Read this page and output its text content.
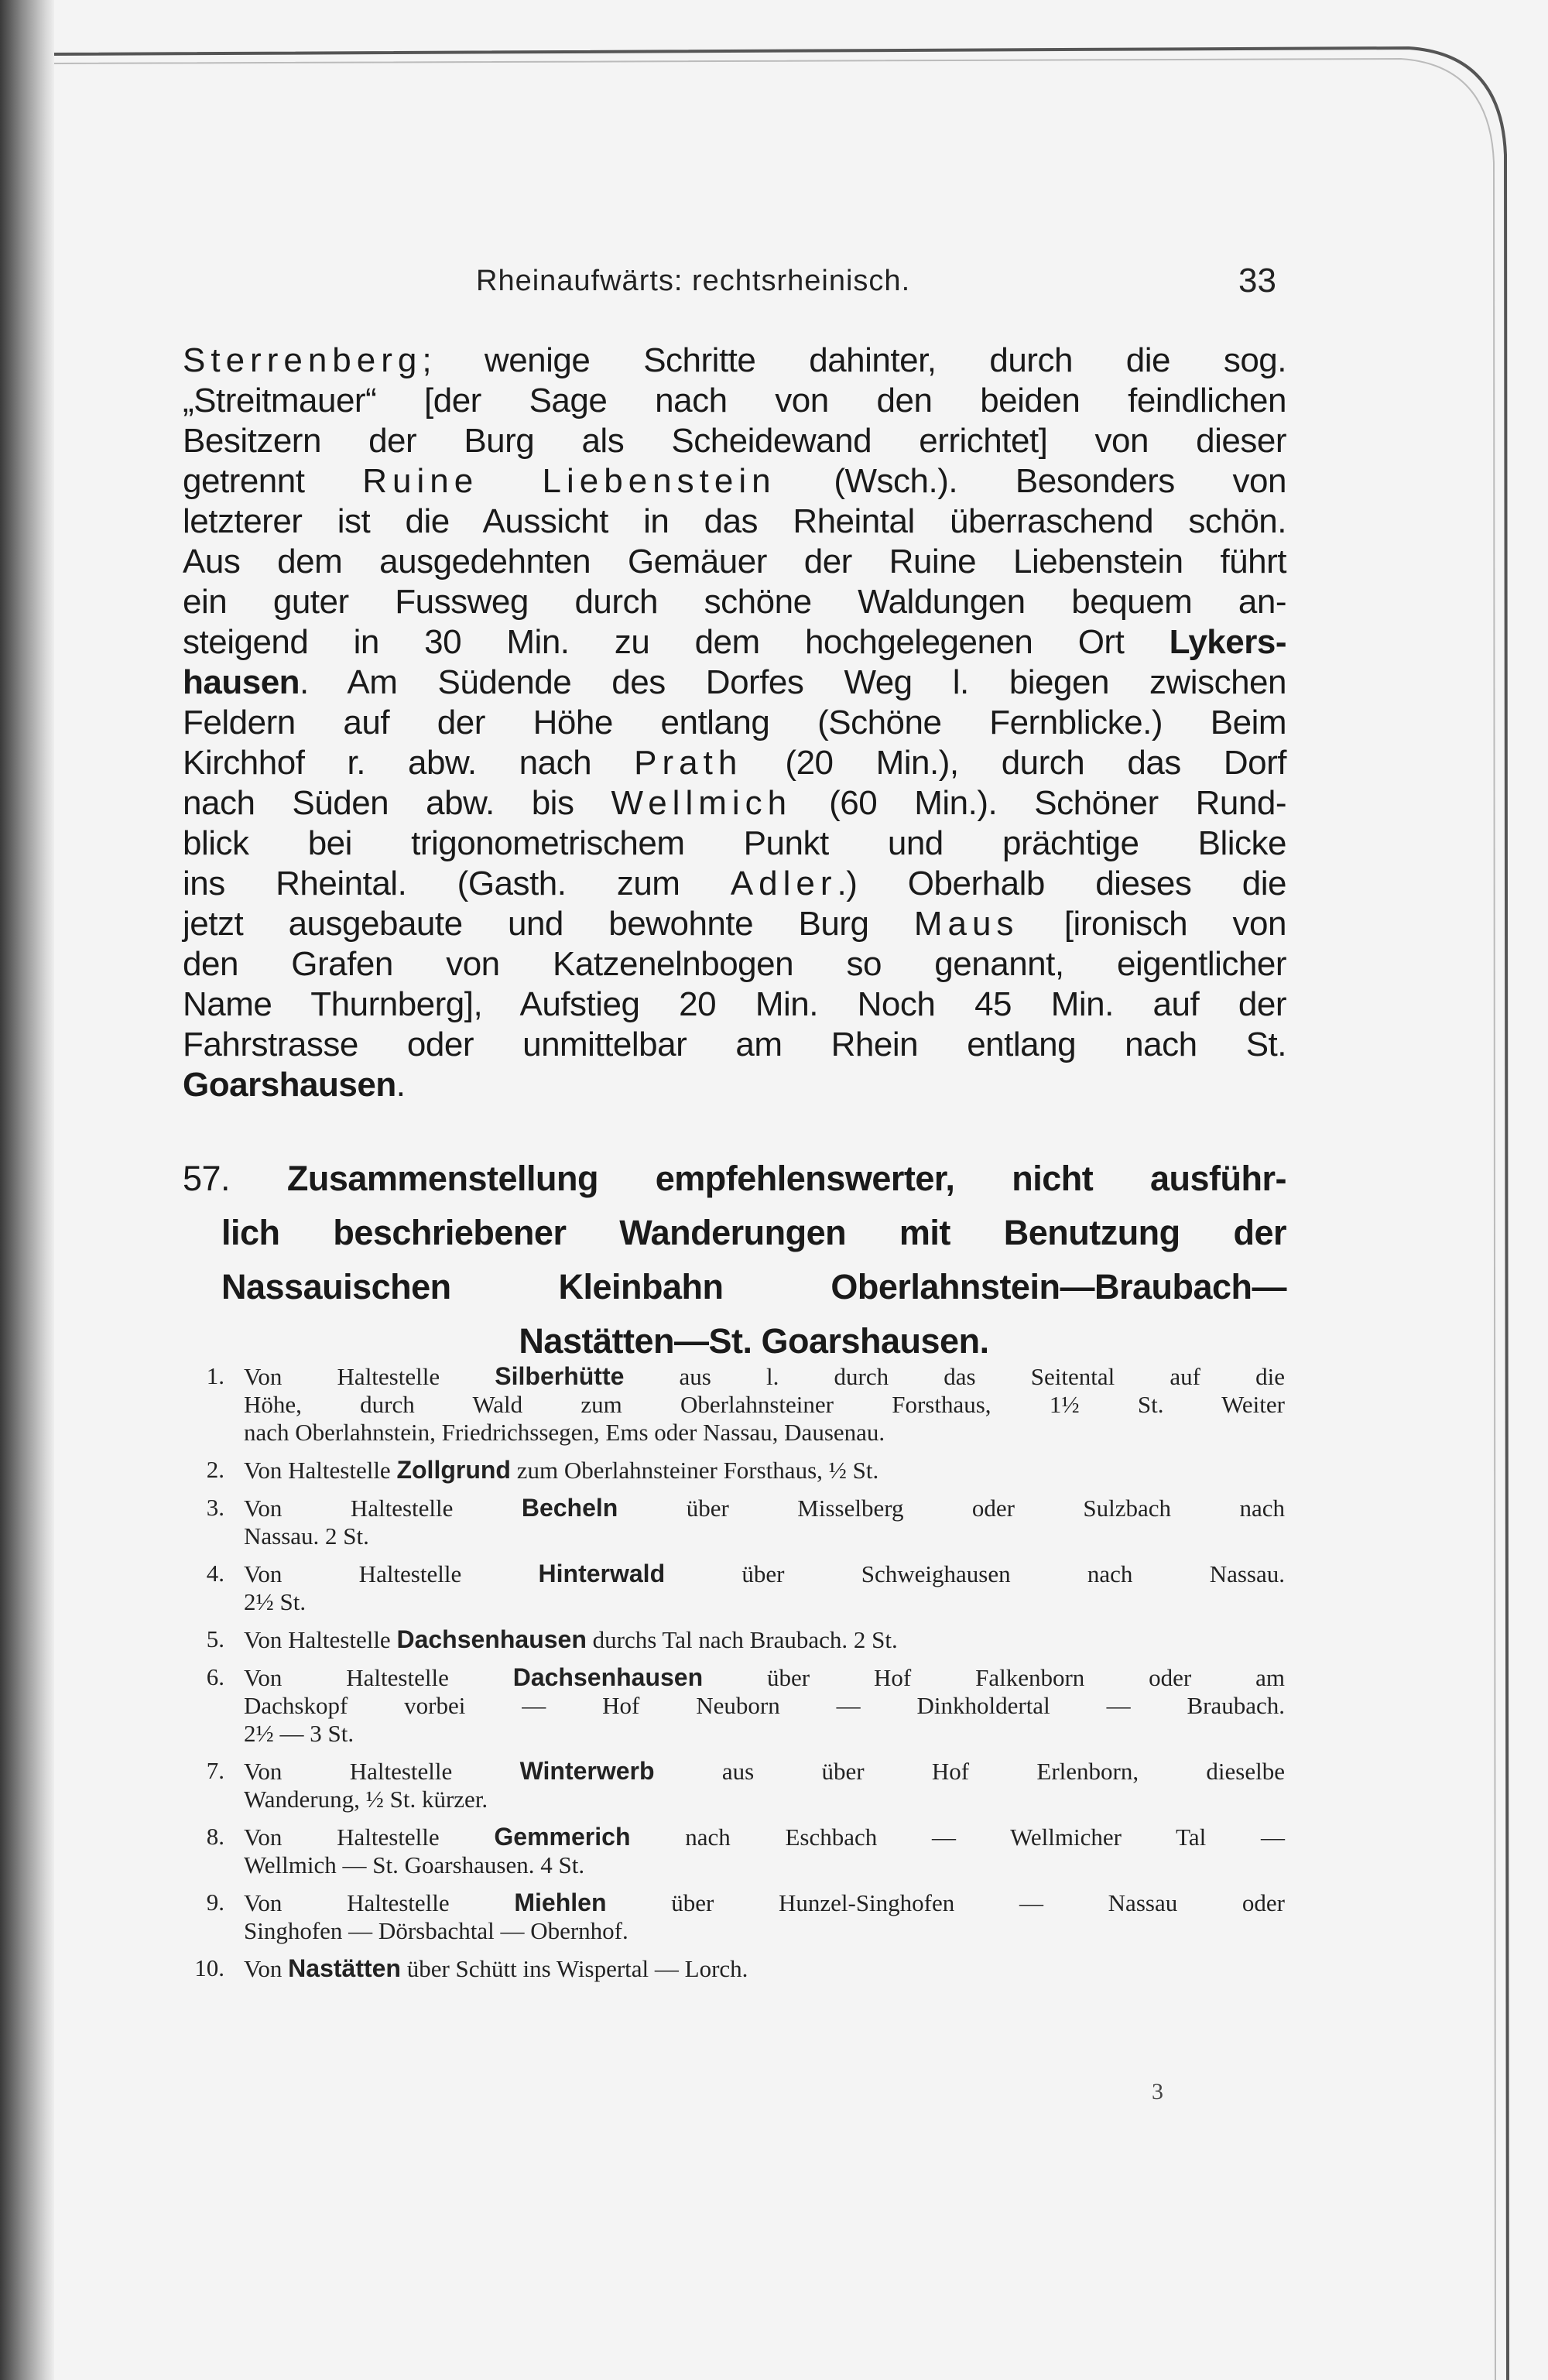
Rheinaufwärts: rechtsrheinisch.	33
Sterrenberg; wenige Schritte dahinter, durch die sog.
„Streitmauer“ [der Sage nach von den beiden feindlichen
Besitzern der Burg als Scheidewand errichtet] von dieser
getrennt Ruine Liebenstein (Wsch.). Besonders von
letzterer ist die Aussicht in das Rheintal überraschend schön.
Aus dem ausgedehnten Gemäuer der Ruine Liebenstein führt
ein guter Fussweg durch schöne Waldungen bequem an-
steigend in 30 Min. zu dem hochgelegenen Ort Lykers-
hausen. Am Südende des Dorfes Weg l. biegen zwischen
Feldern auf der Höhe entlang (Schöne Fernblicke.) Beim
Kirchhof r. abw. nach Prath (20 Min.), durch das Dorf
nach Süden abw. bis Wellmich (60 Min.). Schöner Rund-
blick bei trigonometrischem Punkt und prächtige Blicke
ins Rheintal. (Gasth. zum Adler.) Oberhalb dieses die
jetzt ausgebaute und bewohnte Burg Maus [ironisch von
den Grafen von Katzenelnbogen so genannt, eigentlicher
Name Thurnberg], Aufstieg 20 Min. Noch 45 Min. auf der
Fahrstrasse oder unmittelbar am Rhein entlang nach St.
Goarshausen.
57. Zusammenstellung empfehlenswerter, nicht ausführ-
lich beschriebener Wanderungen mit Benutzung der
Nassauischen Kleinbahn Oberlahnstein—Braubach—
Nastätten—St. Goarshausen.
1. Von Haltestelle Silberhütte aus l. durch das Seitental auf die
Höhe, durch Wald zum Oberlahnsteiner Forsthaus, 1½ St. Weiter
nach Oberlahnstein, Friedrichssegen, Ems oder Nassau, Dausenau.
2. Von Haltestelle Zollgrund zum Oberlahnsteiner Forsthaus, ½ St.
3. Von Haltestelle Becheln über Misselberg oder Sulzbach nach
Nassau. 2 St.
4. Von Haltestelle Hinterwald über Schweighausen nach Nassau.
2½ St.
5. Von Haltestelle Dachsenhausen durchs Tal nach Braubach. 2 St.
6. Von Haltestelle Dachsenhausen über Hof Falkenborn oder am
Dachskopf vorbei — Hof Neuborn — Dinkholdertal — Braubach.
2½ — 3 St.
7. Von Haltestelle Winterwerb aus über Hof Erlenborn, dieselbe
Wanderung, ½ St. kürzer.
8. Von Haltestelle Gemmerich nach Eschbach — Wellmicher Tal —
Wellmich — St. Goarshausen. 4 St.
9. Von Haltestelle Miehlen über Hunzel-Singhofen — Nassau oder
Singhofen — Dörsbachtal — Obernhof.
10. Von Nastätten über Schütt ins Wispertal — Lorch.
3
